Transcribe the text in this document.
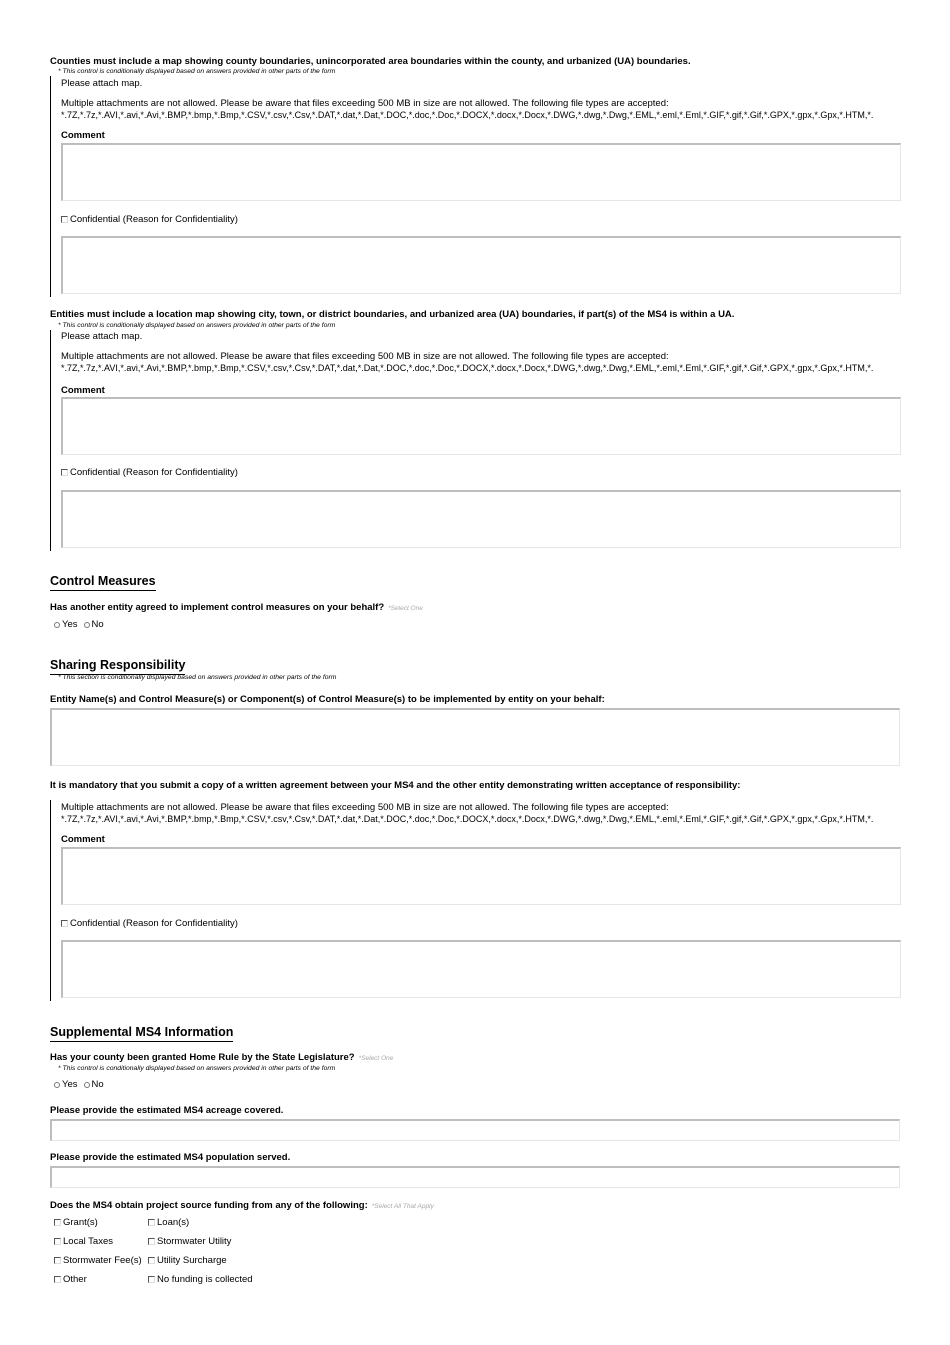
Counties must include a map showing county boundaries, unincorporated area boundaries within the county, and urbanized (UA) boundaries.
* This control is conditionally displayed based on answers provided in other parts of the form
Please attach map.
Multiple attachments are not allowed. Please be aware that files exceeding 500 MB in size are not allowed. The following file types are accepted:
*.7Z,*.7z,*.AVI,*.avi,*.Avi,*.BMP,*.bmp,*.Bmp,*.CSV,*.csv,*.Csv,*.DAT,*.dat,*.Dat,*.DOC,*.doc,*.Doc,*.DOCX,*.docx,*.Docx,*.DWG,*.dwg,*.Dwg,*.EML,*.eml,*.Eml,*.GIF,*.gif,*.Gif,*.GPX,*.gpx,*.Gpx,*.HTM,*.
Comment
Confidential (Reason for Confidentiality)
Entities must include a location map showing city, town, or district boundaries, and urbanized area (UA) boundaries, if part(s) of the MS4 is within a UA.
* This control is conditionally displayed based on answers provided in other parts of the form
Please attach map.
Multiple attachments are not allowed. Please be aware that files exceeding 500 MB in size are not allowed. The following file types are accepted:
*.7Z,*.7z,*.AVI,*.avi,*.Avi,*.BMP,*.bmp,*.Bmp,*.CSV,*.csv,*.Csv,*.DAT,*.dat,*.Dat,*.DOC,*.doc,*.Doc,*.DOCX,*.docx,*.Docx,*.DWG,*.dwg,*.Dwg,*.EML,*.eml,*.Eml,*.GIF,*.gif,*.Gif,*.GPX,*.gpx,*.Gpx,*.HTM,*.
Comment
Confidential (Reason for Confidentiality)
Control Measures
Has another entity agreed to implement control measures on your behalf? *Select One
Yes No
Sharing Responsibility
* This section is conditionally displayed based on answers provided in other parts of the form
Entity Name(s) and Control Measure(s) or Component(s) of Control Measure(s) to be implemented by entity on your behalf:
It is mandatory that you submit a copy of a written agreement between your MS4 and the other entity demonstrating written acceptance of responsibility:
Multiple attachments are not allowed. Please be aware that files exceeding 500 MB in size are not allowed. The following file types are accepted:
*.7Z,*.7z,*.AVI,*.avi,*.Avi,*.BMP,*.bmp,*.Bmp,*.CSV,*.csv,*.Csv,*.DAT,*.dat,*.Dat,*.DOC,*.doc,*.Doc,*.DOCX,*.docx,*.Docx,*.DWG,*.dwg,*.Dwg,*.EML,*.eml,*.Eml,*.GIF,*.gif,*.Gif,*.GPX,*.gpx,*.Gpx,*.HTM,*.
Comment
Confidential (Reason for Confidentiality)
Supplemental MS4 Information
Has your county been granted Home Rule by the State Legislature? *Select One
* This control is conditionally displayed based on answers provided in other parts of the form
Yes No
Please provide the estimated MS4 acreage covered.
Please provide the estimated MS4 population served.
Does the MS4 obtain project source funding from any of the following: *Select All That Apply
Grant(s)	Loan(s)
Local Taxes	Stormwater Utility
Stormwater Fee(s) Utility Surcharge
Other	No funding is collected
